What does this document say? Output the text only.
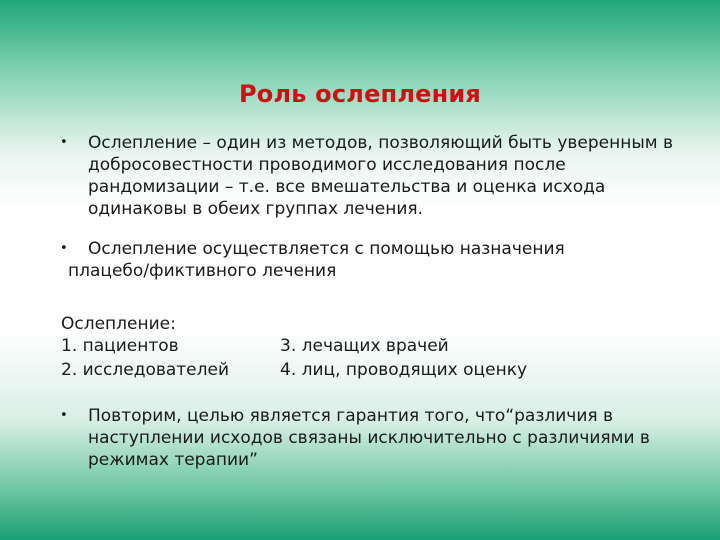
Роль ослепления
•	Ослепление – один из методов, позволяющий быть уверенным в добросовестности проводимого исследования после рандомизации – т.е. все вмешательства и оценка исхода одинаковы в обеих группах лечения.
•	Ослепление осуществляется с помощью назначения
плацебо/фиктивного лечения
Ослепление:
1. пациентов
2. исследователей
3. лечащих врачей
4. лиц, проводящих оценку
•	Повторим, целью является гарантия того, что“различия в наступлении исходов связаны исключительно с различиями в режимах терапии”
